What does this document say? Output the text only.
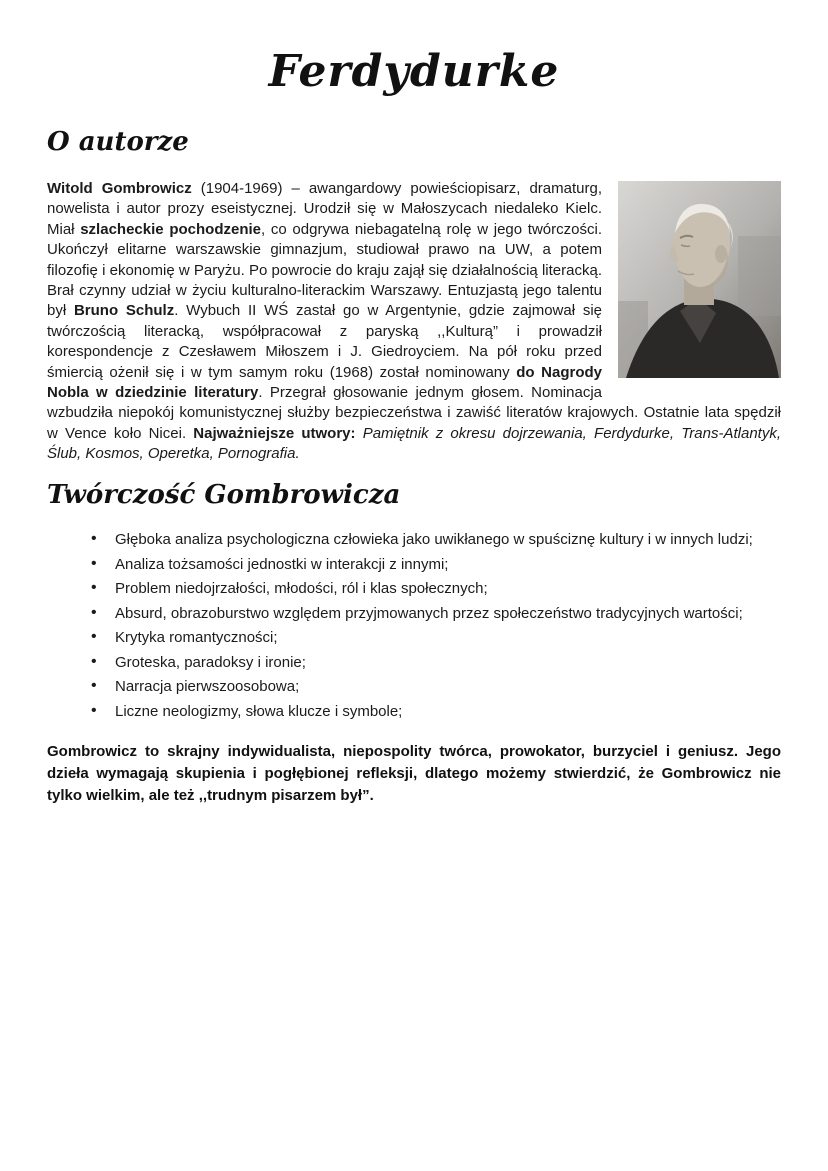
Ferdydurke
O autorze

Witold Gombrowicz (1904-1969) – awangardowy powieściopisarz, dramaturg, nowelista i autor prozy eseistycznej. Urodził się w Małoszycach niedaleko Kielc. Miał szlacheckie pochodzenie, co odgrywa niebagatelną rolę w jego twórczości. Ukończył elitarne warszawskie gimnazjum, studiował prawo na UW, a potem filozofię i ekonomię w Paryżu. Po powrocie do kraju zajął się działalnością literacką. Brał czynny udział w życiu kulturalno-literackim Warszawy. Entuzjastą jego talentu był Bruno Schulz. Wybuch II WŚ zastał go w Argentynie, gdzie zajmował się twórczością literacką, współpracował z paryską ,,Kulturą” i prowadził korespondencje z Czesławem Miłoszem i J. Giedroyciem. Na pół roku przed śmiercią ożenił się i w tym samym roku (1968) został nominowany do Nagrody Nobla w dziedzinie literatury. Przegrał głosowanie jednym głosem. Nominacja wzbudziła niepokój komunistycznej służby bezpieczeństwa i zawiść literatów krajowych. Ostatnie lata spędził w Vence koło Nicei. Najważniejsze utwory: Pamiętnik z okresu dojrzewania, Ferdydurke, Trans-Atlantyk, Ślub, Kosmos, Operetka, Pornografia.

Twórczość Gombrowicza
• Głęboka analiza psychologiczna człowieka jako uwikłanego w spuściznę kultury i w innych ludzi;
• Analiza tożsamości jednostki w interakcji z innymi;
• Problem niedojrzałości, młodości, ról i klas społecznych;
• Absurd, obrazoburstwo względem przyjmowanych przez społeczeństwo tradycyjnych wartości;
• Krytyka romantyczności;
• Groteska, paradoksy i ironie;
• Narracja pierwszoosobowa;
• Liczne neologizmy, słowa klucze i symbole;

Gombrowicz to skrajny indywidualista, niepospolity twórca, prowokator, burzyciel i geniusz. Jego dzieła wymagają skupienia i pogłębionej refleksji, dlatego możemy stwierdzić, że Gombrowicz nie tylko wielkim, ale też ,,trudnym pisarzem był”.
